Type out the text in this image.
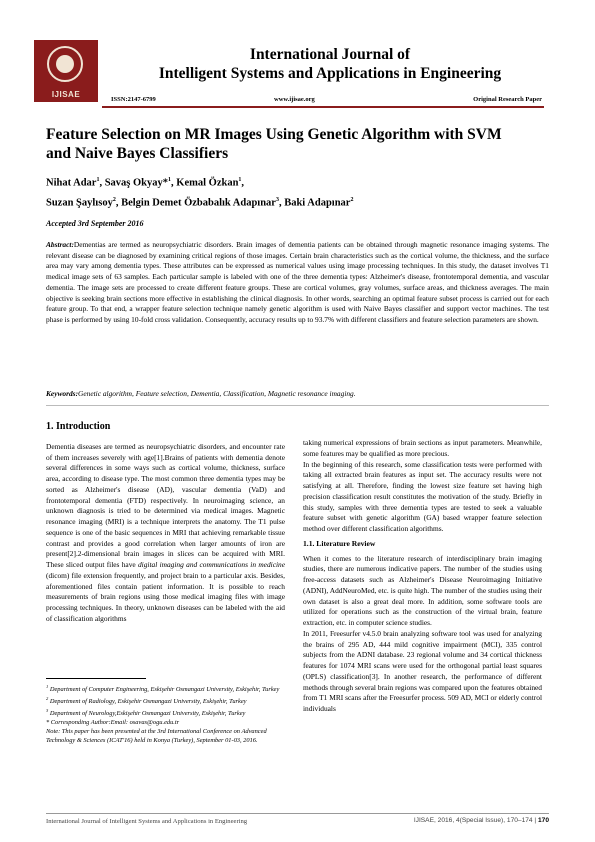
IJISAE
International Journal of
Intelligent Systems and Applications in Engineering
ISSN:2147-6799	www.ijisae.org	Original Research Paper
Feature Selection on MR Images Using Genetic Algorithm with SVM
and Naive Bayes Classifiers
Nihat Adar$^1$, Savaş Okyay*$^1$, Kemal Özkan$^1$,
Suzan Şaylısoy$^2$, Belgin Demet Özbabalık Adapınar$^3$, Baki Adapınar$^2$
Accepted 3rd September 2016
Abstract:Dementias are termed as neuropsychiatric disorders. Brain images of dementia patients can be obtained through magnetic resonance imaging systems. The relevant disease can be diagnosed by examining critical regions of those images. Certain brain characteristics such as the cortical volume, the thickness, and the surface area may vary among dementia types. These attributes can be expressed as numerical values using image processing techniques. In this study, the dataset involves T1 medical image sets of 63 samples. Each particular sample is labeled with one of the three dementia types: Alzheimer's disease, frontotemporal dementia, and vascular dementia. The image sets are processed to create different feature groups. These are cortical volumes, gray volumes, surface areas, and thickness averages. The main objective is seeking brain sections more effective in establishing the clinical diagnosis. In other words, searching an optimal feature subset process is carried out for each feature group. To that end, a wrapper feature selection technique namely genetic algorithm is used with Naive Bayes classifier and support vector machines. The test phase is performed by using 10-fold cross validation. Consequently, accuracy results up to 93.7% with different classifiers and feature selection parameters are shown.
Keywords:Genetic algorithm, Feature selection, Dementia, Classification, Magnetic resonance imaging.
1. Introduction

Dementia diseases are termed as neuropsychiatric disorders, and encounter rate of them increases severely with age[1].Brains of patients with dementia denote several differences in some ways such as cortical volume, thickness, surface area, according to disease type. The most common three dementia types may be sorted as Alzheimer's disease (AD), vascular dementia (VaD) and frontotemporal dementia (FTD) respectively. In neuroimaging science, an unknown diagnosis is tried to be determined via medical images. Magnetic resonance imaging (MRI) is a technique interprets the anatomy. The T1 pulse sequence is one of the basic sequences in MRI that achieving remarkable tissue contrast and provides a good correlation when larger amounts of iron are present[2].2-dimensional brain images in slices can be acquired with MRI. These sliced output files have digital imaging and communications in medicine (dicom) file extension frequently, and project brain to a particular axis. Besides, aforementioned files contain patient information. It is possible to reach measurements of brain regions using those medical imaging files with image processing techniques. In theory, unknown diseases can be labeled with the aid of classification algorithms

$^1$ Department of Computer Engineering, Eskişehir Osmangazi University, Eskişehir, Turkey
$^2$ Department of Radiology, Eskişehir Osmangazi University, Eskişehir, Turkey
$^3$ Department of Neurology,Eskişehir Osmangazi University, Eskişehir, Turkey
* Corresponding Author:Email: osavas@ogu.edu.tr
Note: This paper has been presented at the 3rd International Conference on Advanced Technology & Sciences (ICAT'16) held in Konya (Turkey), September 01-03, 2016.

taking numerical expressions of brain sections as input parameters. Meanwhile, some features may be qualified as more precious.

In the beginning of this research, some classification tests were performed with taking all extracted brain features as input set. The accuracy results were not satisfying at all. Therefore, finding the lowest size feature set having high precision classification result constitutes the motivation of the study. Briefly in this study, samples with three dementia types are tested to seek a valuable feature subset with genetic algorithm (GA) based wrapper feature selection method over different classification algorithms.

1.1. Literature Review

When it comes to the literature research of interdisciplinary brain imaging studies, there are numerous indicative papers. The number of the studies using free-access datasets such as Alzheimer's Disease Neuroimaging Initiative (ADNI), AddNeuroMed, etc. is quite high. The number of the studies using their own dataset is also a great deal more. In addition, some software tools are utilized for operations such as the construction of the virtual brain, feature extraction, etc. in computer science studies.

In 2011, Freesurfer v4.5.0 brain analyzing software tool was used for analyzing the brains of 295 AD, 444 mild cognitive impairment (MCI), 335 control subjects from the ADNI database. 23 regional volume and 34 cortical thickness features for 1074 MRI scans were used for the orthogonal partial least squares (OPLS) classification[3]. In another research, the performance of different methods through several brain regions was compared upon the features obtained from T1 MRI scans after the Freesurfer process. 509 AD, MCI or elderly control individuals

International Journal of Intelligent Systems and Applications in Engineering	IJISAE, 2016, 4(Special Issue), 170–174 | 170
